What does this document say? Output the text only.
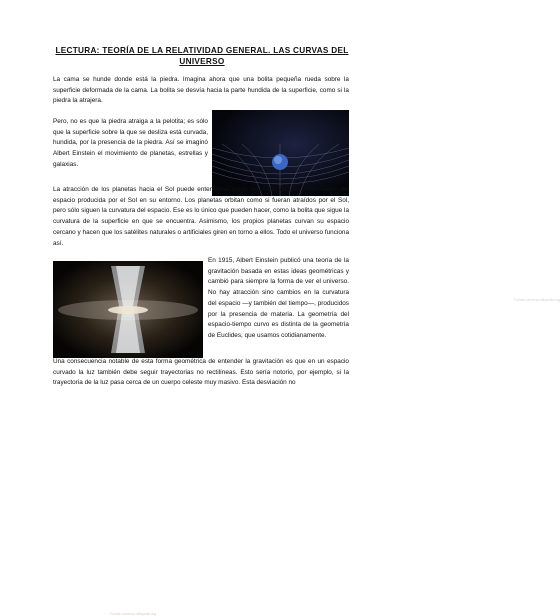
LECTURA: TEORÍA DE LA RELATIVIDAD GENERAL. LAS CURVAS DEL UNIVERSO
La cama se hunde donde está la piedra. Imagina ahora que una bolita pequeña rueda sobre la superficie deformada de la cama. La bolita se desvía hacia la parte hundida de la superficie, como si la piedra la atrajera.
Pero, no es que la piedra atraiga a la pelotita; es sólo que la superficie sobre la que se desliza está curvada, hundida, por la presencia de la piedra. Así se imaginó Albert Einstein el movimiento de planetas, estrellas y galaxias.
Fuente: universo.wikipedia.org
La atracción de los planetas hacia el Sol puede entenderse como resultado de una deformación del espacio producida por el Sol en su entorno. Los planetas orbitan como si fueran atraídos por el Sol, pero sólo siguen la curvatura del espacio. Ese es lo único que pueden hacer, como la bolita que sigue la curvatura de la superficie en que se encuentra. Asimismo, los propios planetas curvan su espacio cercano y hacen que los satélites naturales o artificiales giren en torno a ellos. Todo el universo funciona así.
Fuente: universo.wikipedia.org
En 1915, Albert Einstein publicó una teoría de la gravitación basada en estas ideas geométricas y cambió para siempre la forma de ver el universo. No hay atracción sino cambios en la curvatura del espacio —y también del tiempo—, producidos por la presencia de materia. La geometría del espacio-tiempo curvo es distinta de la geometría de Euclides, que usamos cotidianamente.
Una consecuencia notable de esta forma geométrica de entender la gravitación es que en un espacio curvado la luz también debe seguir trayectorias no rectilíneas. Esto sería notorio, por ejemplo, si la trayectoria de la luz pasa cerca de un cuerpo celeste muy masivo. Esta desviación no
